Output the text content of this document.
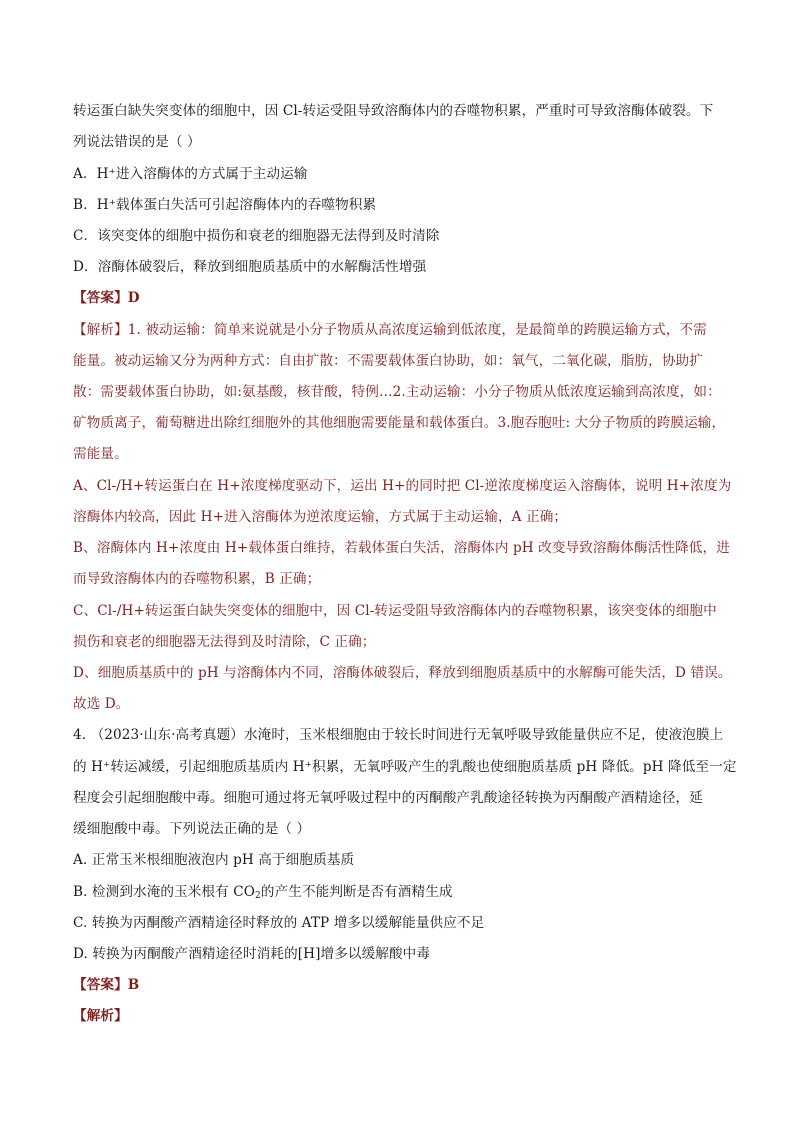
转运蛋白缺失突变体的细胞中，因 Cl-转运受阻导致溶酶体内的吞噬物积累，严重时可导致溶酶体破裂。下
列说法错误的是（ ）
A．H⁺进入溶酶体的方式属于主动运输
B．H⁺载体蛋白失活可引起溶酶体内的吞噬物积累
C．该突变体的细胞中损伤和衰老的细胞器无法得到及时清除
D．溶酶体破裂后，释放到细胞质基质中的水解酶活性增强
【答案】D
【解析】1. 被动运输：简单来说就是小分子物质从高浓度运输到低浓度，是最简单的跨膜运输方式，不需
能量。被动运输又分为两种方式：自由扩散：不需要载体蛋白协助，如：氧气，二氧化碳，脂肪，协助扩
散：需要载体蛋白协助，如:氨基酸，核苷酸，特例…2.主动运输：小分子物质从低浓度运输到高浓度，如：
矿物质离子，葡萄糖进出除红细胞外的其他细胞需要能量和载体蛋白。3.胞吞胞吐: 大分子物质的跨膜运输，
需能量。
A、Cl-/H+转运蛋白在 H+浓度梯度驱动下，运出 H+的同时把 Cl-逆浓度梯度运入溶酶体，说明 H+浓度为
溶酶体内较高，因此 H+进入溶酶体为逆浓度运输，方式属于主动运输，A 正确；
B、溶酶体内 H+浓度由 H+载体蛋白维持，若载体蛋白失活，溶酶体内 pH 改变导致溶酶体酶活性降低，进
而导致溶酶体内的吞噬物积累，B 正确；
C、Cl-/H+转运蛋白缺失突变体的细胞中，因 Cl-转运受阻导致溶酶体内的吞噬物积累，该突变体的细胞中
损伤和衰老的细胞器无法得到及时清除，C 正确；
D、细胞质基质中的 pH 与溶酶体内不同，溶酶体破裂后，释放到细胞质基质中的水解酶可能失活，D 错误。
故选 D。
4. （2023·山东·高考真题）水淹时，玉米根细胞由于较长时间进行无氧呼吸导致能量供应不足，使液泡膜上
的 H⁺转运减缓，引起细胞质基质内 H⁺积累，无氧呼吸产生的乳酸也使细胞质基质 pH 降低。pH 降低至一定
程度会引起细胞酸中毒。细胞可通过将无氧呼吸过程中的丙酮酸产乳酸途径转换为丙酮酸产酒精途径，延
缓细胞酸中毒。下列说法正确的是（ ）
A. 正常玉米根细胞液泡内 pH 高于细胞质基质
B. 检测到水淹的玉米根有 $CO_2$的产生不能判断是否有酒精生成
C. 转换为丙酮酸产酒精途径时释放的 ATP 增多以缓解能量供应不足
D. 转换为丙酮酸产酒精途径时消耗的[H]增多以缓解酸中毒
【答案】B
【解析】
